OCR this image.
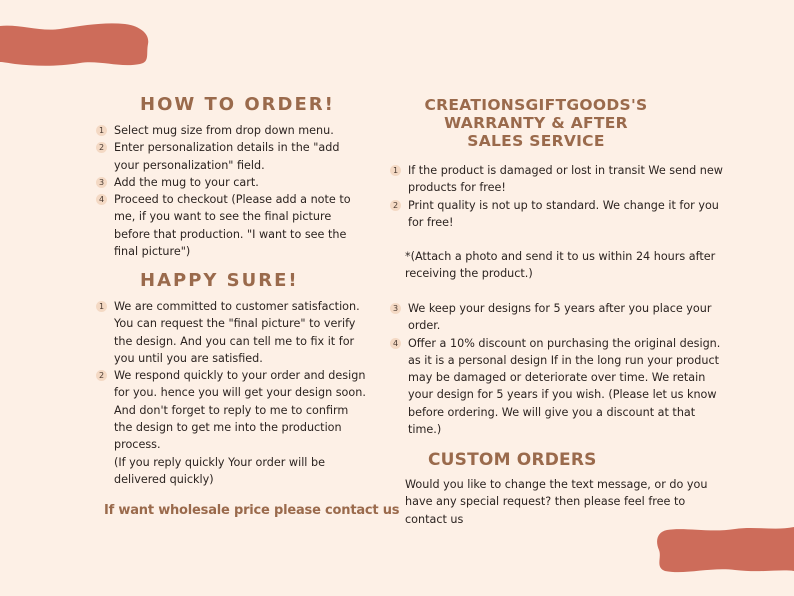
HOW TO ORDER!
1 Select mug size from drop down menu.
2 Enter personalization details in the "add your personalization" field.
3 Add the mug to your cart.
4 Proceed to checkout (Please add a note to me, if you want to see the final picture before that production. "I want to see the final picture")
HAPPY SURE!
1 We are committed to customer satisfaction. You can request the "final picture" to verify the design. And you can tell me to fix it for you until you are satisfied.
2 We respond quickly to your order and design for you. hence you will get your design soon. And don't forget to reply to me to confirm the design to get me into the production process.
(If you reply quickly Your order will be delivered quickly)
If want wholesale price please contact us
CREATIONSGIFTGOODS'S WARRANTY & AFTER SALES SERVICE
1 If the product is damaged or lost in transit We send new products for free!
2 Print quality is not up to standard. We change it for you for free!

*(Attach a photo and send it to us within 24 hours after receiving the product.)

3 We keep your designs for 5 years after you place your order.
4 Offer a 10% discount on purchasing the original design. as it is a personal design If in the long run your product may be damaged or deteriorate over time. We retain your design for 5 years if you wish. (Please let us know before ordering. We will give you a discount at that time.)
CUSTOM ORDERS

Would you like to change the text message, or do you have any special request? then please feel free to contact us
